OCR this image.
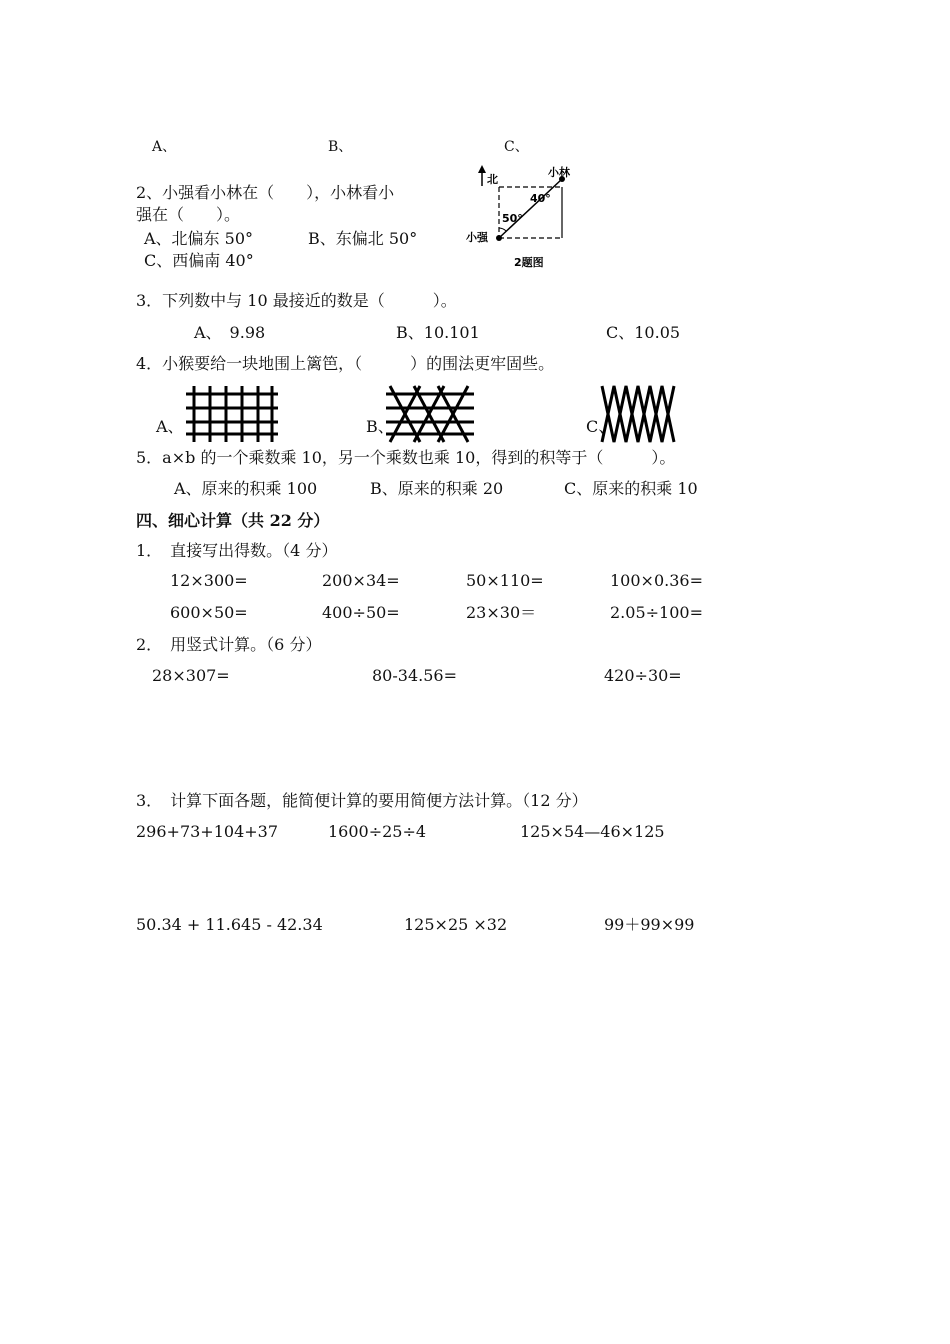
A、	B、	C、
2、小强看小林在（　　），小林看小
强在（　　）。
A、北偏东 50°	B、东偏北 50°
C、西偏南 40°
北
小林
小强
40°
50°
2题图
3．下列数中与 10 最接近的数是（　　　）。
A、　9.98	B、10.101	C、10.05
4．小猴要给一块地围上篱笆，（　　　）的围法更牢固些。
A、	B、	C、
5．a×b 的一个乘数乘 10，另一个乘数也乘 10，得到的积等于（　　　）。
A、原来的积乘 100	B、原来的积乘 20	C、原来的积乘 10
四、细心计算（共 22 分）
1．　直接写出得数。（4 分）
12×300=	200×34=	50×110=	100×0.36=
600×50=	400÷50=	23×30＝	2.05÷100=
2．　用竖式计算。（6 分）
28×307=	80-34.56=	420÷30=
3．　计算下面各题，能简便计算的要用简便方法计算。（12 分）
296+73+104+37	1600÷25÷4	125×54—46×125
50.34 + 11.645 - 42.34	125×25 ×32	99＋99×99
